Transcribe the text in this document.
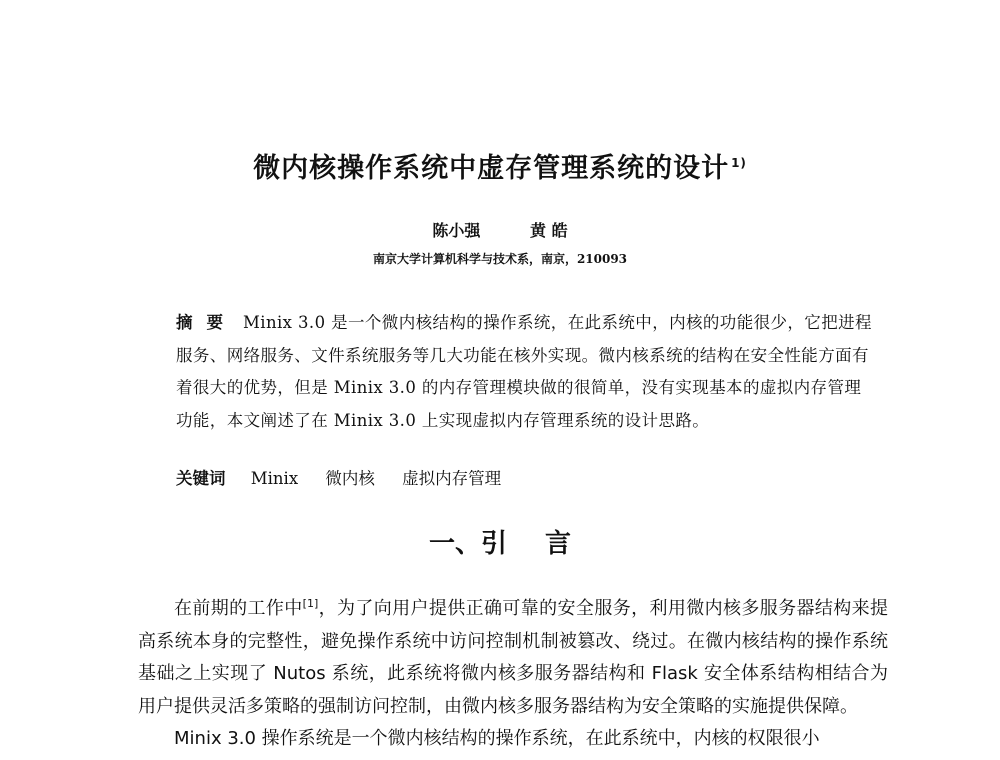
微内核操作系统中虚存管理系统的设计 $^{1)}$
陈小强	黄 皓
南京大学计算机科学与技术系，南京，210093
摘要 Minix 3.0 是一个微内核结构的操作系统，在此系统中，内核的功能很少，它把进程服务、网络服务、文件系统服务等几大功能在核外实现。微内核系统的结构在安全性能方面有着很大的优势，但是 Minix 3.0 的内存管理模块做的很简单，没有实现基本的虚拟内存管理功能，本文阐述了在 Minix 3.0 上实现虚拟内存管理系统的设计思路。
关键词 Minix 微内核 虚拟内存管理
一、引 言

在前期的工作中[1]，为了向用户提供正确可靠的安全服务，利用微内核多服务器结构来提高系统本身的完整性，避免操作系统中访问控制机制被篡改、绕过。在微内核结构的操作系统基础之上实现了 Nutos 系统，此系统将微内核多服务器结构和 Flask 安全体系结构相结合为用户提供灵活多策略的强制访问控制，由微内核多服务器结构为安全策略的实施提供保障。

Minix 3.0 操作系统是一个微内核结构的操作系统，在此系统中，内核的权限很小
